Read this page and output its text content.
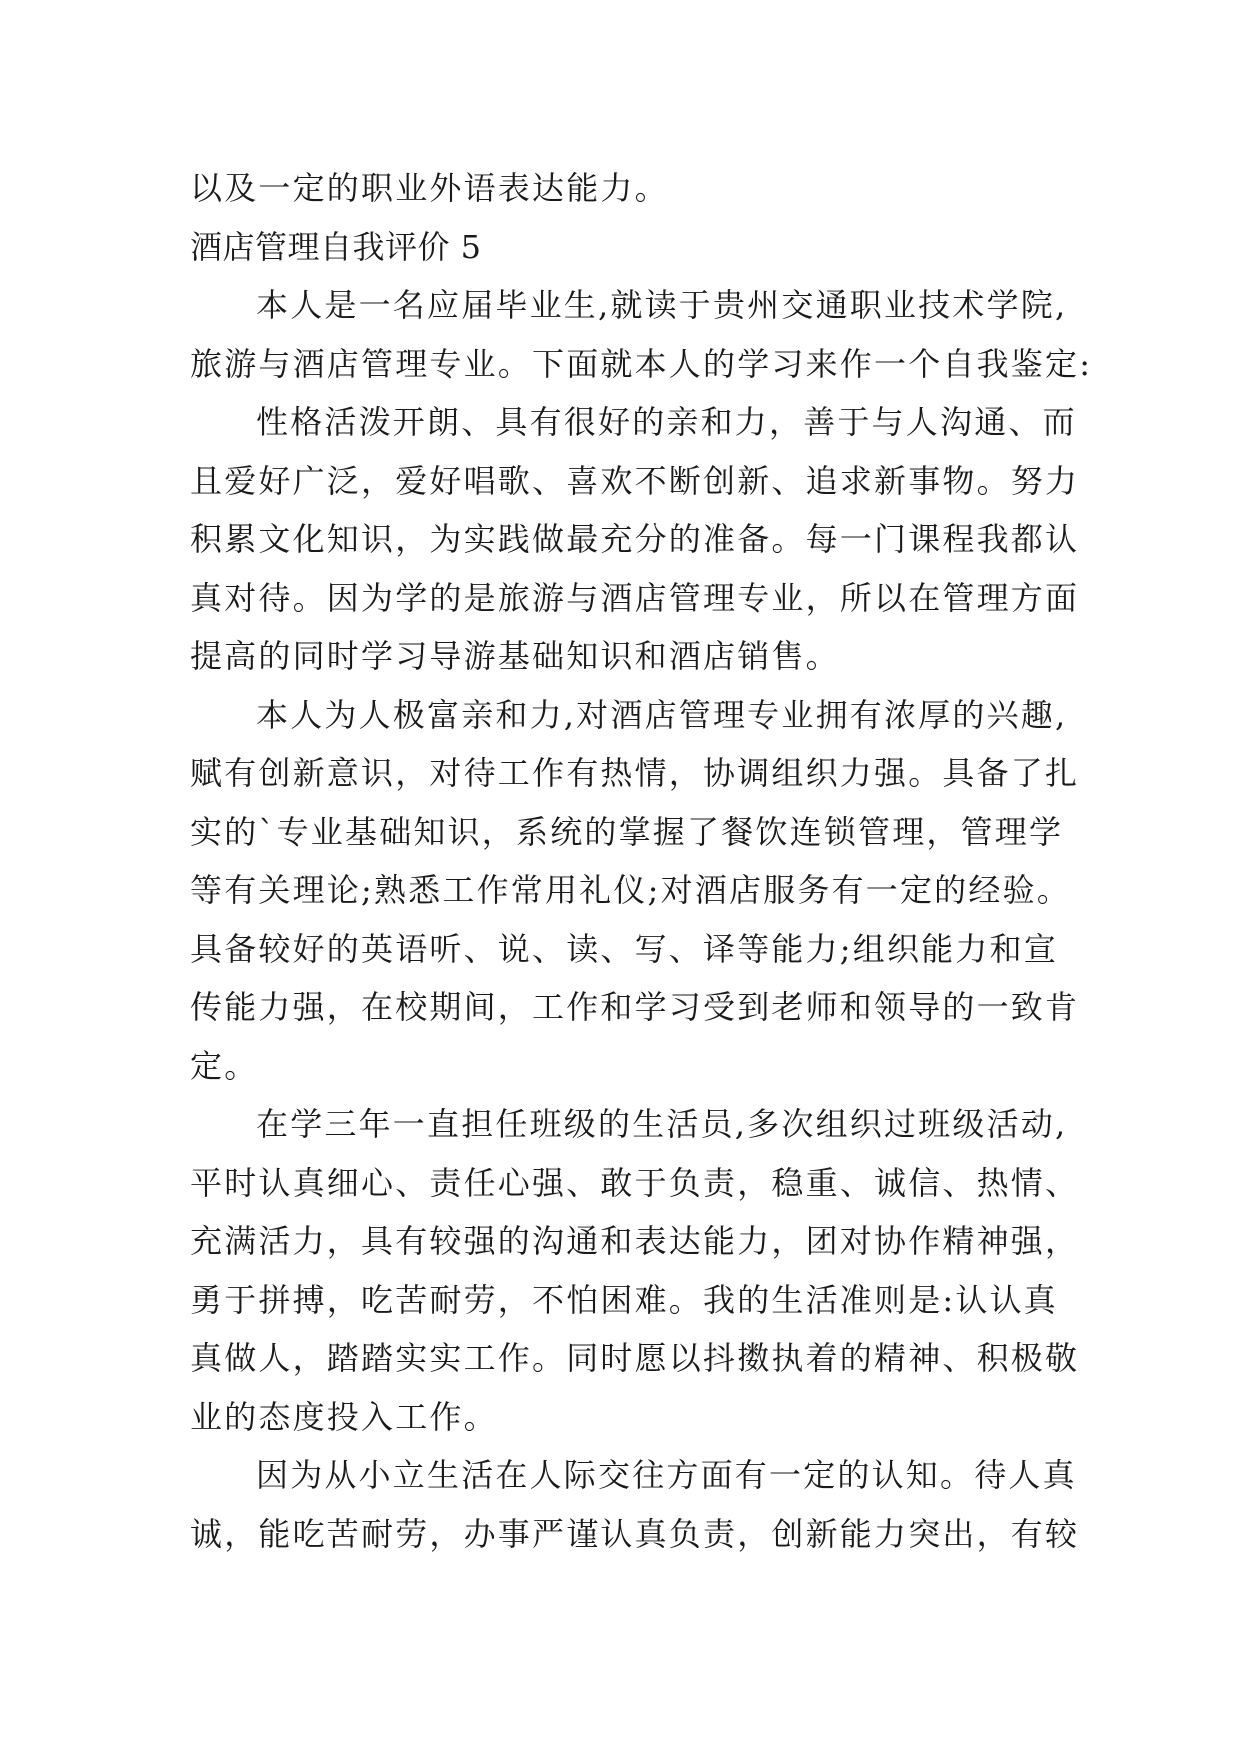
以及一定的职业外语表达能力。
酒店管理自我评价 5
本人是一名应届毕业生,就读于贵州交通职业技术学院,
旅游与酒店管理专业。下面就本人的学习来作一个自我鉴定:
性格活泼开朗、具有很好的亲和力，善于与人沟通、而
且爱好广泛，爱好唱歌、喜欢不断创新、追求新事物。努力
积累文化知识，为实践做最充分的准备。每一门课程我都认
真对待。因为学的是旅游与酒店管理专业，所以在管理方面
提高的同时学习导游基础知识和酒店销售。
本人为人极富亲和力,对酒店管理专业拥有浓厚的兴趣,
赋有创新意识，对待工作有热情，协调组织力强。具备了扎
实的`专业基础知识，系统的掌握了餐饮连锁管理，管理学
等有关理论;熟悉工作常用礼仪;对酒店服务有一定的经验。
具备较好的英语听、说、读、写、译等能力;组织能力和宣
传能力强，在校期间，工作和学习受到老师和领导的一致肯
定。
在学三年一直担任班级的生活员,多次组织过班级活动,
平时认真细心、责任心强、敢于负责，稳重、诚信、热情、
充满活力，具有较强的沟通和表达能力，团对协作精神强，
勇于拼搏，吃苦耐劳，不怕困难。我的生活准则是:认认真
真做人，踏踏实实工作。同时愿以抖擞执着的精神、积极敬
业的态度投入工作。
因为从小立生活在人际交往方面有一定的认知。待人真
诚，能吃苦耐劳，办事严谨认真负责，创新能力突出，有较
